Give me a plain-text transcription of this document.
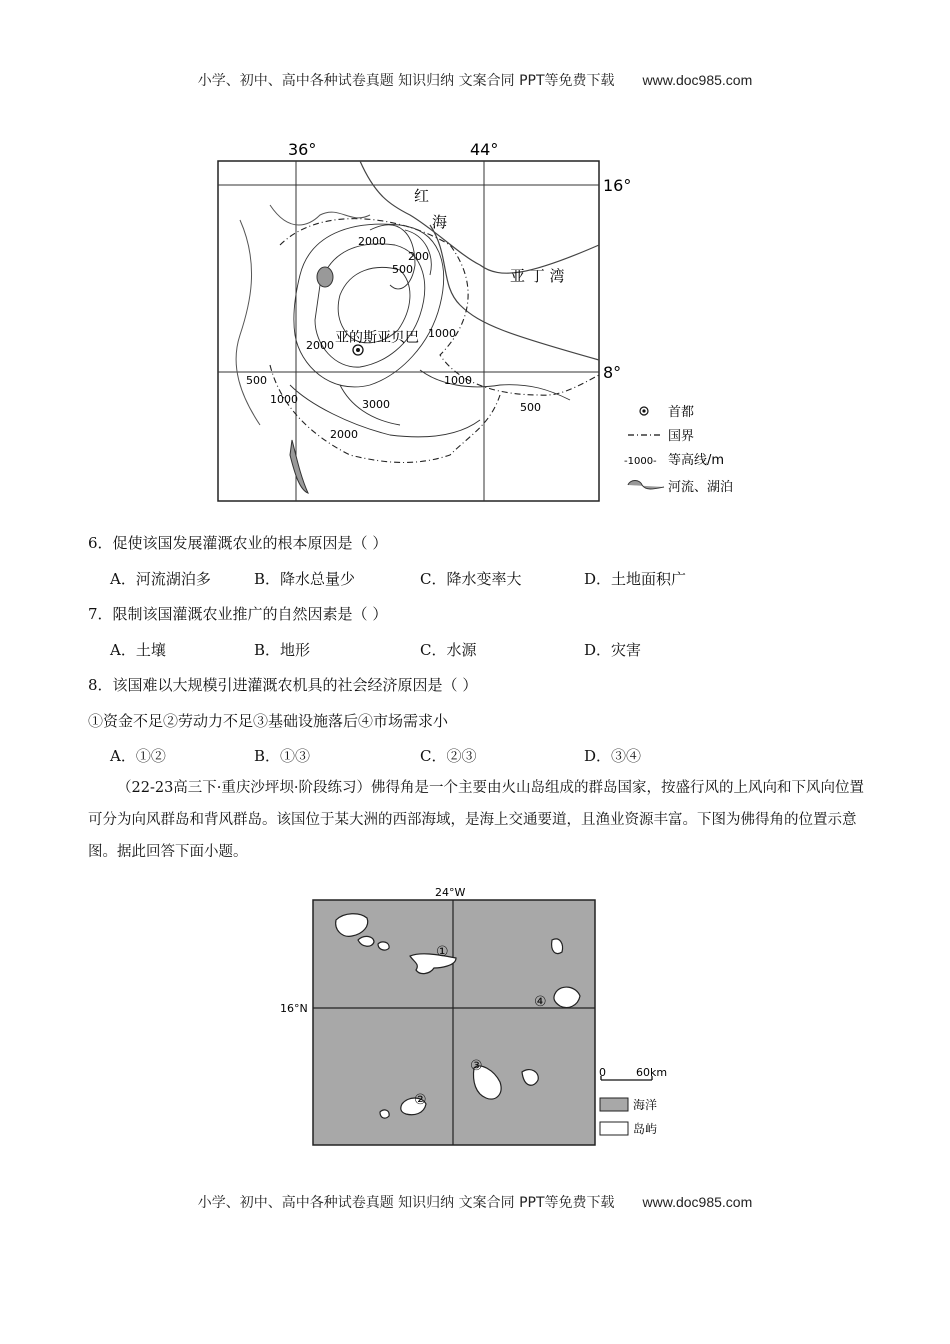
小学、初中、高中各种试卷真题 知识归纳 文案合同 PPT等免费下载 www.doc985.com
36°	44°
16°
8°
红
海
亚 丁 湾
亚的斯亚贝巴
2000
200
500
1000
2000
500
1000
1000
3000
2000
500	首都
国界
-1000- 等高线/m
河流、湖泊
6．促使该国发展灌溉农业的根本原因是（ ）
A．河流湖泊多	B．降水总量少	C．降水变率大	D．土地面积广
7．限制该国灌溉农业推广的自然因素是（ ）
A．土壤	B．地形	C．水源	D．灾害
8．该国难以大规模引进灌溉农机具的社会经济原因是（ ）
①资金不足②劳动力不足③基础设施落后④市场需求小
A．①②	B．①③	C．②③	D．③④
（22-23高三下·重庆沙坪坝·阶段练习）佛得角是一个主要由火山岛组成的群岛国家，按盛行风的上风向和下风向位置可分为向风群岛和背风群岛。该国位于某大洲的西部海域，是海上交通要道，且渔业资源丰富。下图为佛得角的位置示意图。据此回答下面小题。
24°W
16°N
①
②
③
④
0	60km
海洋
岛屿
小学、初中、高中各种试卷真题 知识归纳 文案合同 PPT等免费下载 www.doc985.com
